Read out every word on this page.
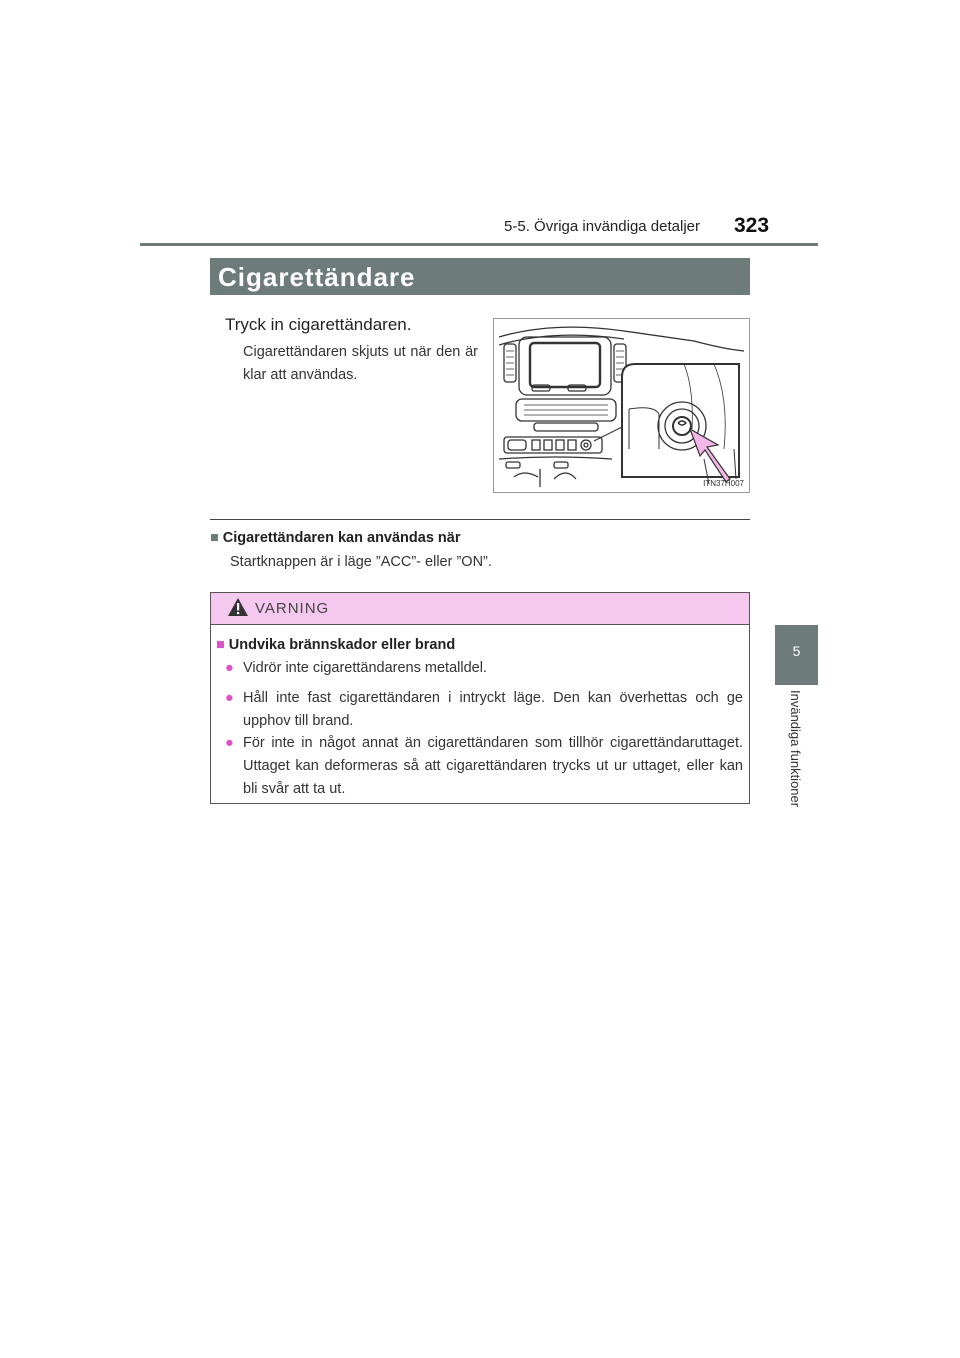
5-5. Övriga invändiga detaljer 323
5
Invändiga funktioner
Cigarettändare
Tryck in cigarettändaren.
Cigarettändaren skjuts ut när den är klar att användas.
ITN37H007
■ Cigarettändaren kan användas när
Startknappen är i läge ”ACC”- eller ”ON”.
VARNING
■ Undvika brännskador eller brand
● Vidrör inte cigarettändarens metalldel.
● Håll inte fast cigarettändaren i intryckt läge. Den kan överhettas och ge upphov till brand.
● För inte in något annat än cigarettändaren som tillhör cigarettändaruttaget. Uttaget kan deformeras så att cigarettändaren trycks ut ur uttaget, eller kan bli svår att ta ut.
